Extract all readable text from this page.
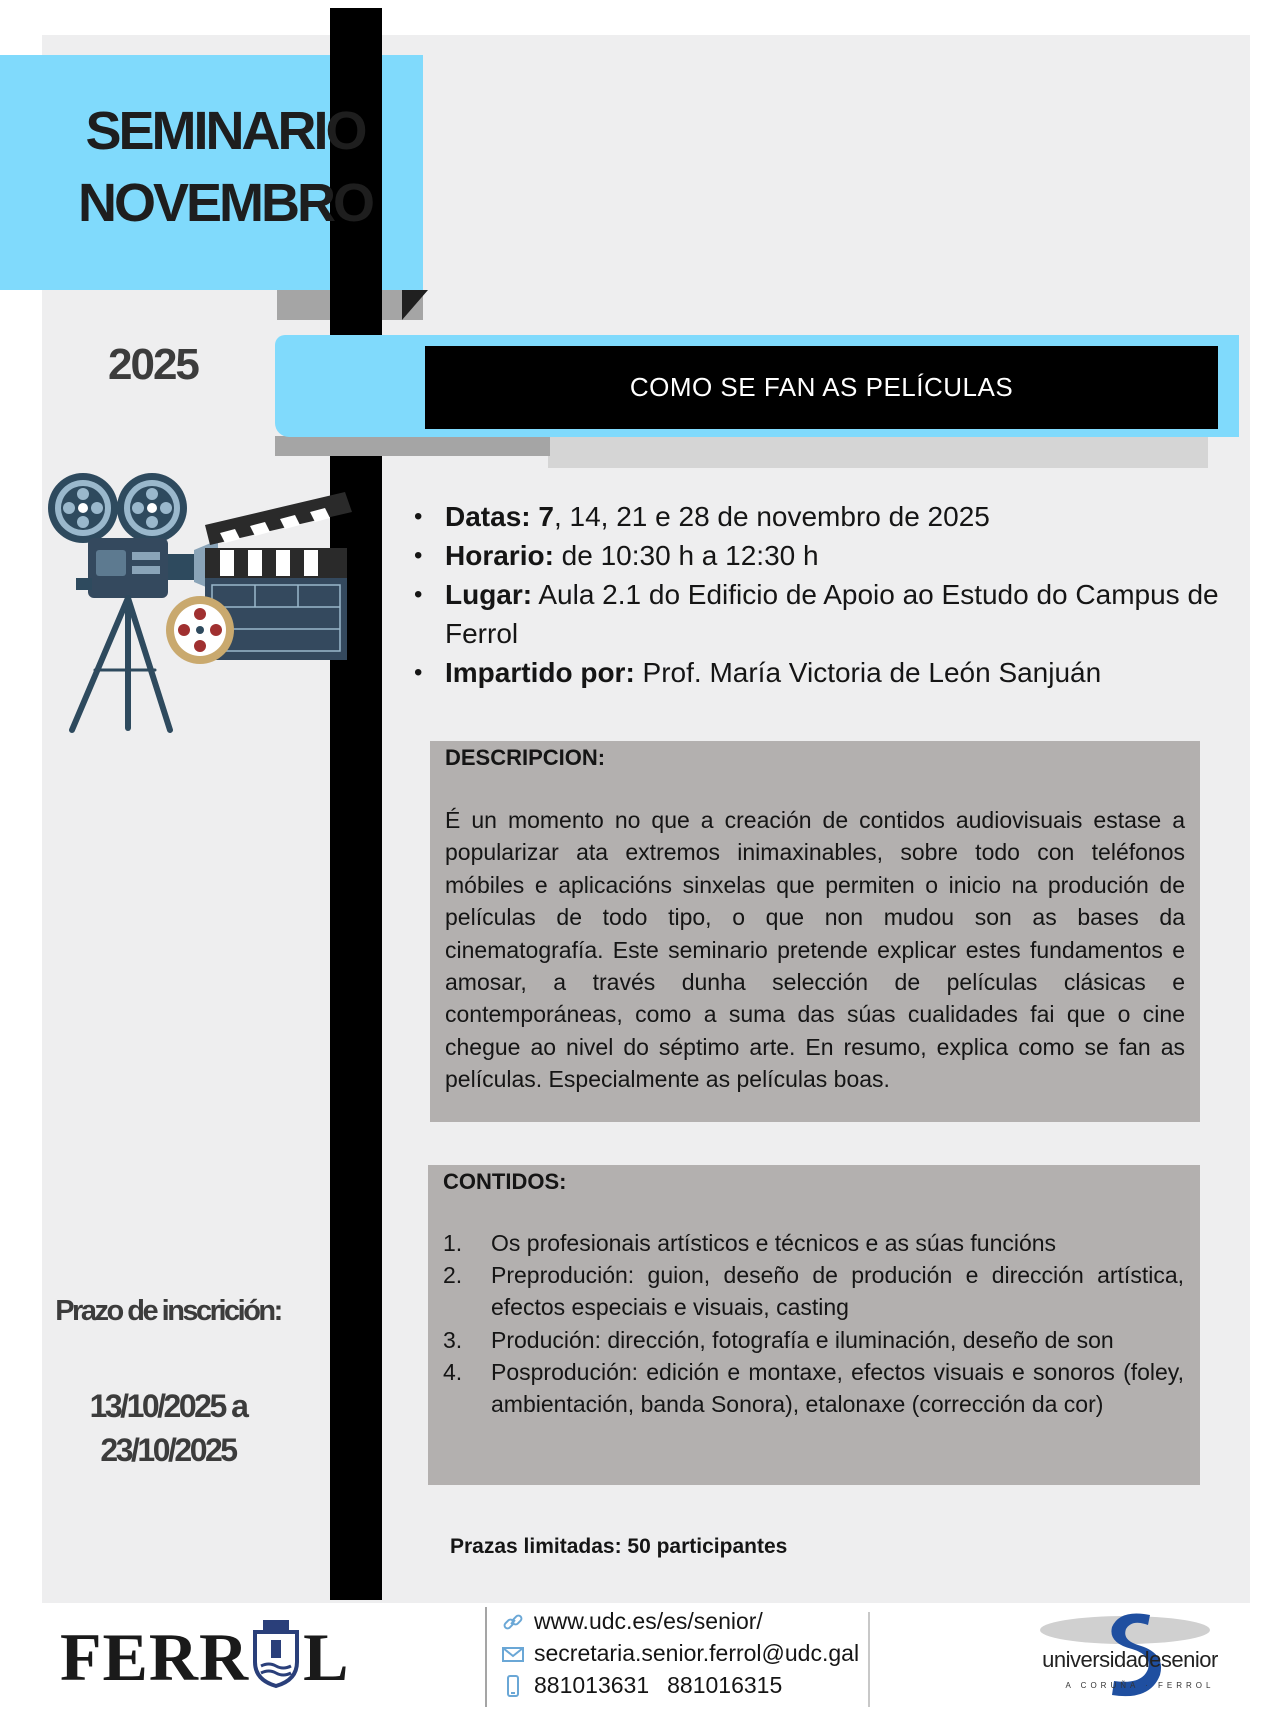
SEMINARIO
NOVEMBRO
2025	COMO SE FAN AS PELÍCULAS
• Datas: 7, 14, 21 e 28 de novembro de 2025
• Horario: de 10:30 h a 12:30 h
• Lugar: Aula 2.1 do Edificio de Apoio ao Estudo do Campus de Ferrol
• Impartido por: Prof. María Victoria de León Sanjuán
DESCRIPCION:

É un momento no que a creación de contidos audiovisuais estase a popularizar ata extremos inimaxinables, sobre todo con teléfonos móbiles e aplicacións sinxelas que permiten o inicio na produción de películas de todo tipo, o que non mudou son as bases da cinematografía. Este seminario pretende explicar estes fundamentos e amosar, a través dunha selección de películas clásicas e contemporáneas, como a suma das súas cualidades fai que o cine chegue ao nivel do séptimo arte. En resumo, explica como se fan as películas. Especialmente as películas boas.

CONTIDOS:
1. Os profesionais artísticos e técnicos e as súas funcións
2. Preprodución: guion, deseño de produción e dirección artística, efectos especiais e visuais, casting
3. Produción: dirección, fotografía e iluminación, deseño de son
4. Posprodución: edición e montaxe, efectos visuais e sonoros (foley, ambientación, banda Sonora), etalonaxe (corrección da cor)
Prazas limitadas: 50 participantes
Prazo de inscrición:
13/10/2025 a
23/10/2025
FERR L	www.udc.es/es/senior/
secretaria.senior.ferrol@udc.gal
881013631 881016315
universidadesenior
A CORUÑA · FERROL
